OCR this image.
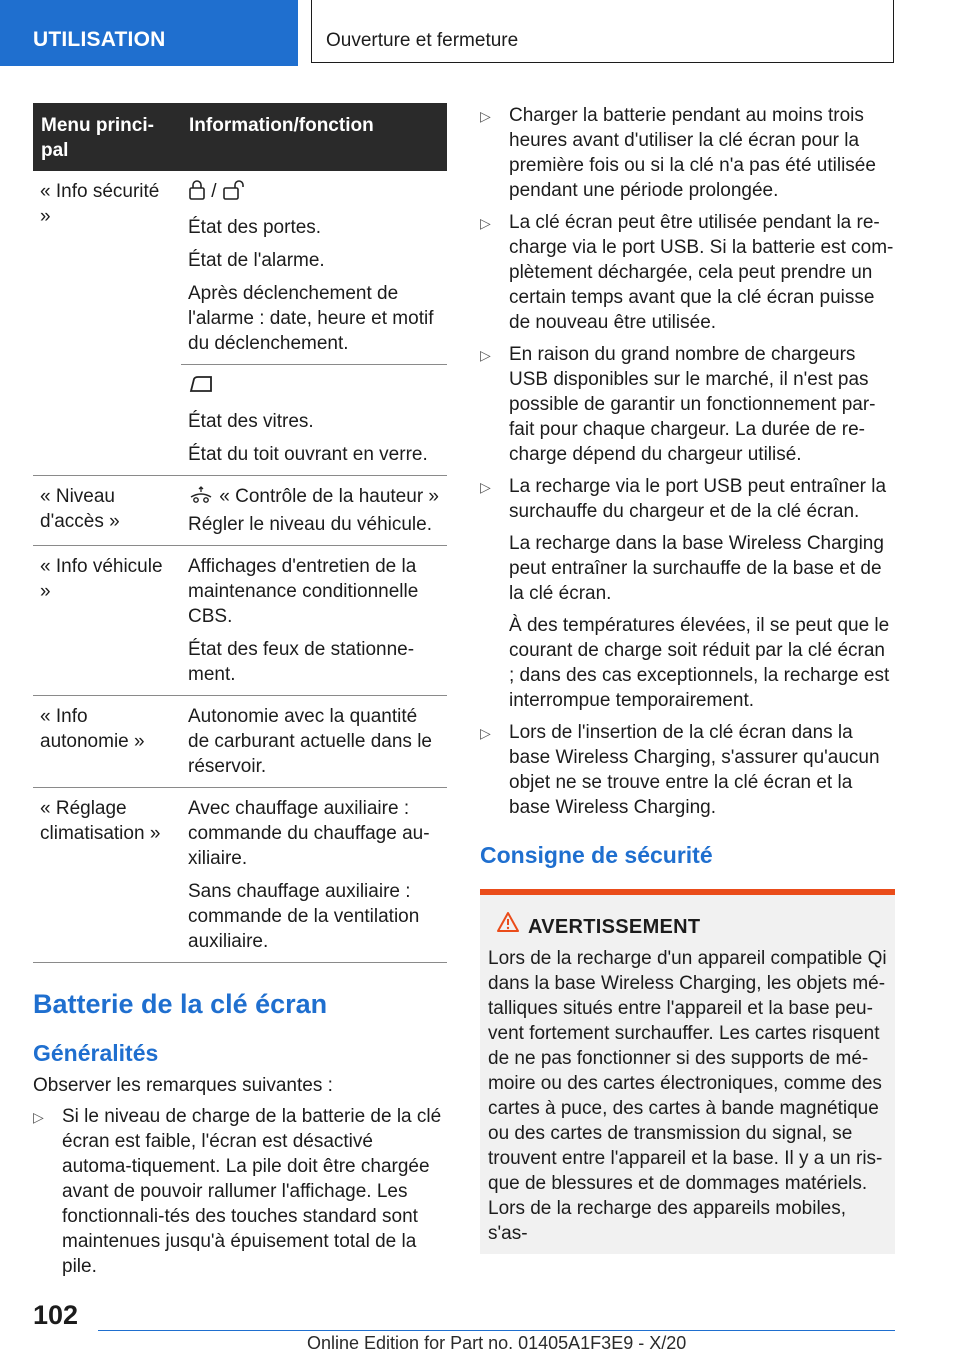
UTILISATION	Ouverture et fermeture
Menu princi-pal	Information/fonction
« Info sécurité »	/
État des portes.
État de l'alarme.
Après déclenchement de l'alarme : date, heure et motif du déclenchement.

	État des vitres.
État du toit ouvrant en verre.

« Niveau d'accès »	« Contrôle de la hauteur »
Régler le niveau du véhicule.

« Info véhicule »	Affichages d'entretien de la maintenance conditionnelle CBS.
État des feux de stationne-ment.

« Info autonomie »	Autonomie avec la quantité de carburant actuelle dans le réservoir.

« Réglage climatisation »	Avec chauffage auxiliaire : commande du chauffage au-xiliaire.
Sans chauffage auxiliaire : commande de la ventilation auxiliaire.
Batterie de la clé écran
Généralités
Observer les remarques suivantes :
▷ Si le niveau de charge de la batterie de la clé écran est faible, l'écran est désactivé automa-tiquement. La pile doit être chargée avant de pouvoir rallumer l'affichage. Les fonctionnali-tés des touches standard sont maintenues jusqu'à épuisement total de la pile.
▷ Charger la batterie pendant au moins trois heures avant d'utiliser la clé écran pour la première fois ou si la clé n'a pas été utilisée pendant une période prolongée.
▷ La clé écran peut être utilisée pendant la re-charge via le port USB. Si la batterie est com-plètement déchargée, cela peut prendre un certain temps avant que la clé écran puisse de nouveau être utilisée.
▷ En raison du grand nombre de chargeurs USB disponibles sur le marché, il n'est pas possible de garantir un fonctionnement par-fait pour chaque chargeur. La durée de re-charge dépend du chargeur utilisé.
▷ La recharge via le port USB peut entraîner la surchauffe du chargeur et de la clé écran.
La recharge dans la base Wireless Charging peut entraîner la surchauffe de la base et de la clé écran.
À des températures élevées, il se peut que le courant de charge soit réduit par la clé écran ; dans des cas exceptionnels, la recharge est interrompue temporairement.
▷ Lors de l'insertion de la clé écran dans la base Wireless Charging, s'assurer qu'aucun objet ne se trouve entre la clé écran et la base Wireless Charging.
Consigne de sécurité
AVERTISSEMENT
Lors de la recharge d'un appareil compatible Qi dans la base Wireless Charging, les objets mé-talliques situés entre l'appareil et la base peu-vent fortement surchauffer. Les cartes risquent de ne pas fonctionner si des supports de mé-moire ou des cartes électroniques, comme des cartes à puce, des cartes à bande magnétique ou des cartes de transmission du signal, se trouvent entre l'appareil et la base. Il y a un ris-que de blessures et de dommages matériels. Lors de la recharge des appareils mobiles, s'as-
102
Online Edition for Part no. 01405A1F3E9 - X/20
